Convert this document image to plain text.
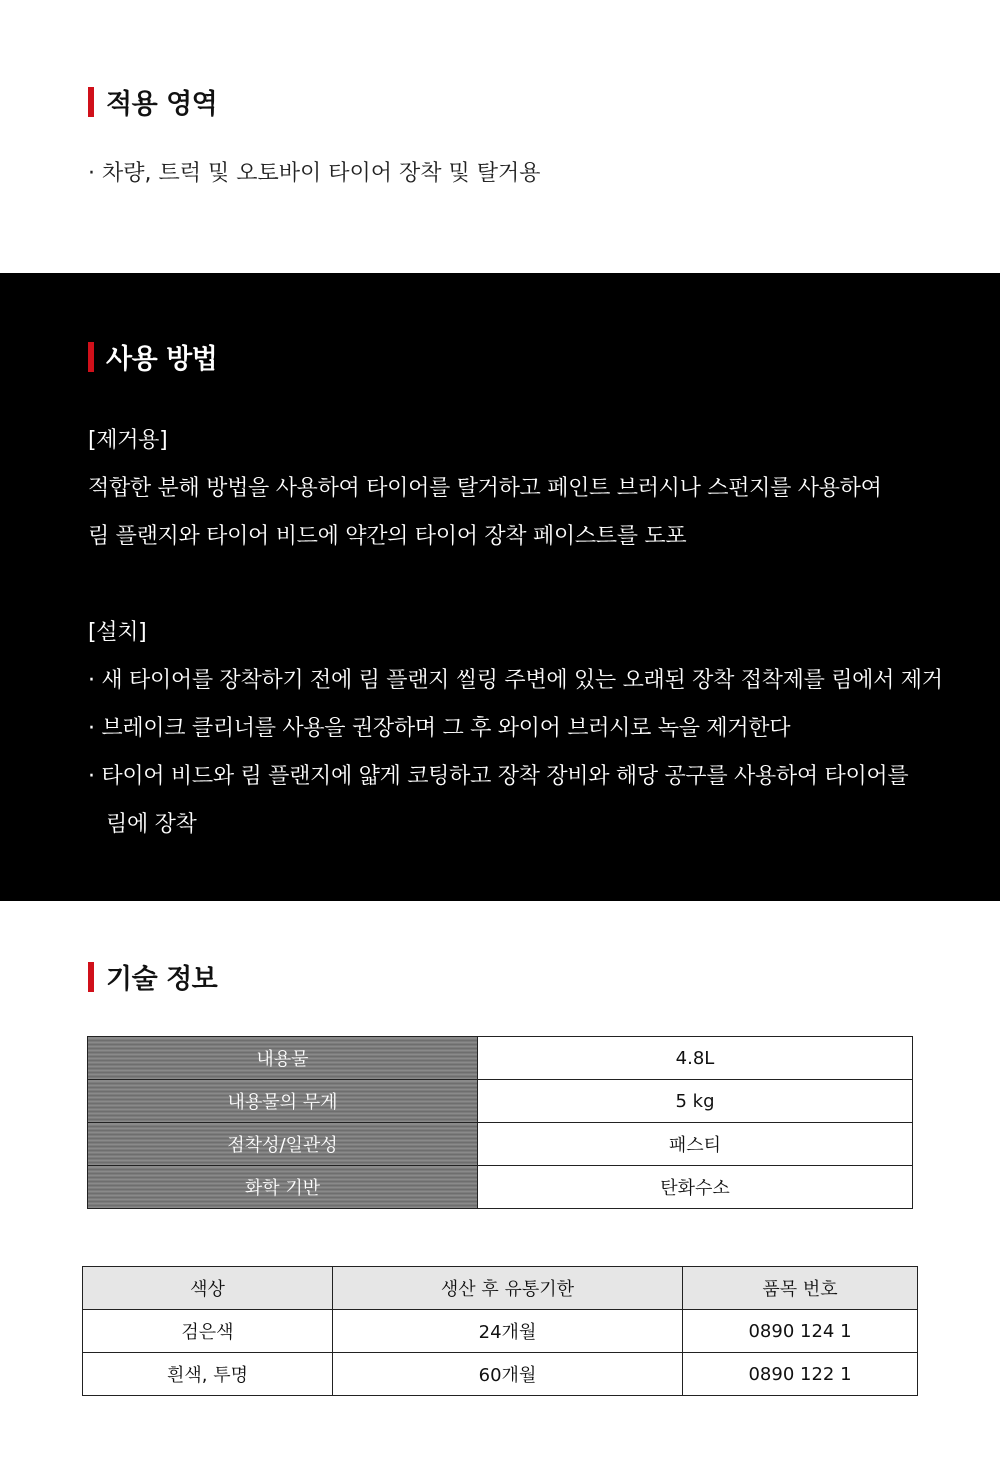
적용 영역
· 차량, 트럭 및 오토바이 타이어 장착 및 탈거용
사용 방법
[제거용]
적합한 분해 방법을 사용하여 타이어를 탈거하고 페인트 브러시나 스펀지를 사용하여
림 플랜지와 타이어 비드에 약간의 타이어 장착 페이스트를 도포
[설치]
· 새 타이어를 장착하기 전에 림 플랜지 씰링 주변에 있는 오래된 장착 접착제를 림에서 제거
· 브레이크 클리너를 사용을 권장하며 그 후 와이어 브러시로 녹을 제거한다
· 타이어 비드와 림 플랜지에 얇게 코팅하고 장착 장비와 해당 공구를 사용하여 타이어를
림에 장착
기술 정보
내용물	4.8L
내용물의 무게	5 kg
점착성/일관성	패스티
화학 기반	탄화수소
색상	생산 후 유통기한	품목 번호
검은색	24개월	0890 124 1
흰색, 투명	60개월	0890 122 1
